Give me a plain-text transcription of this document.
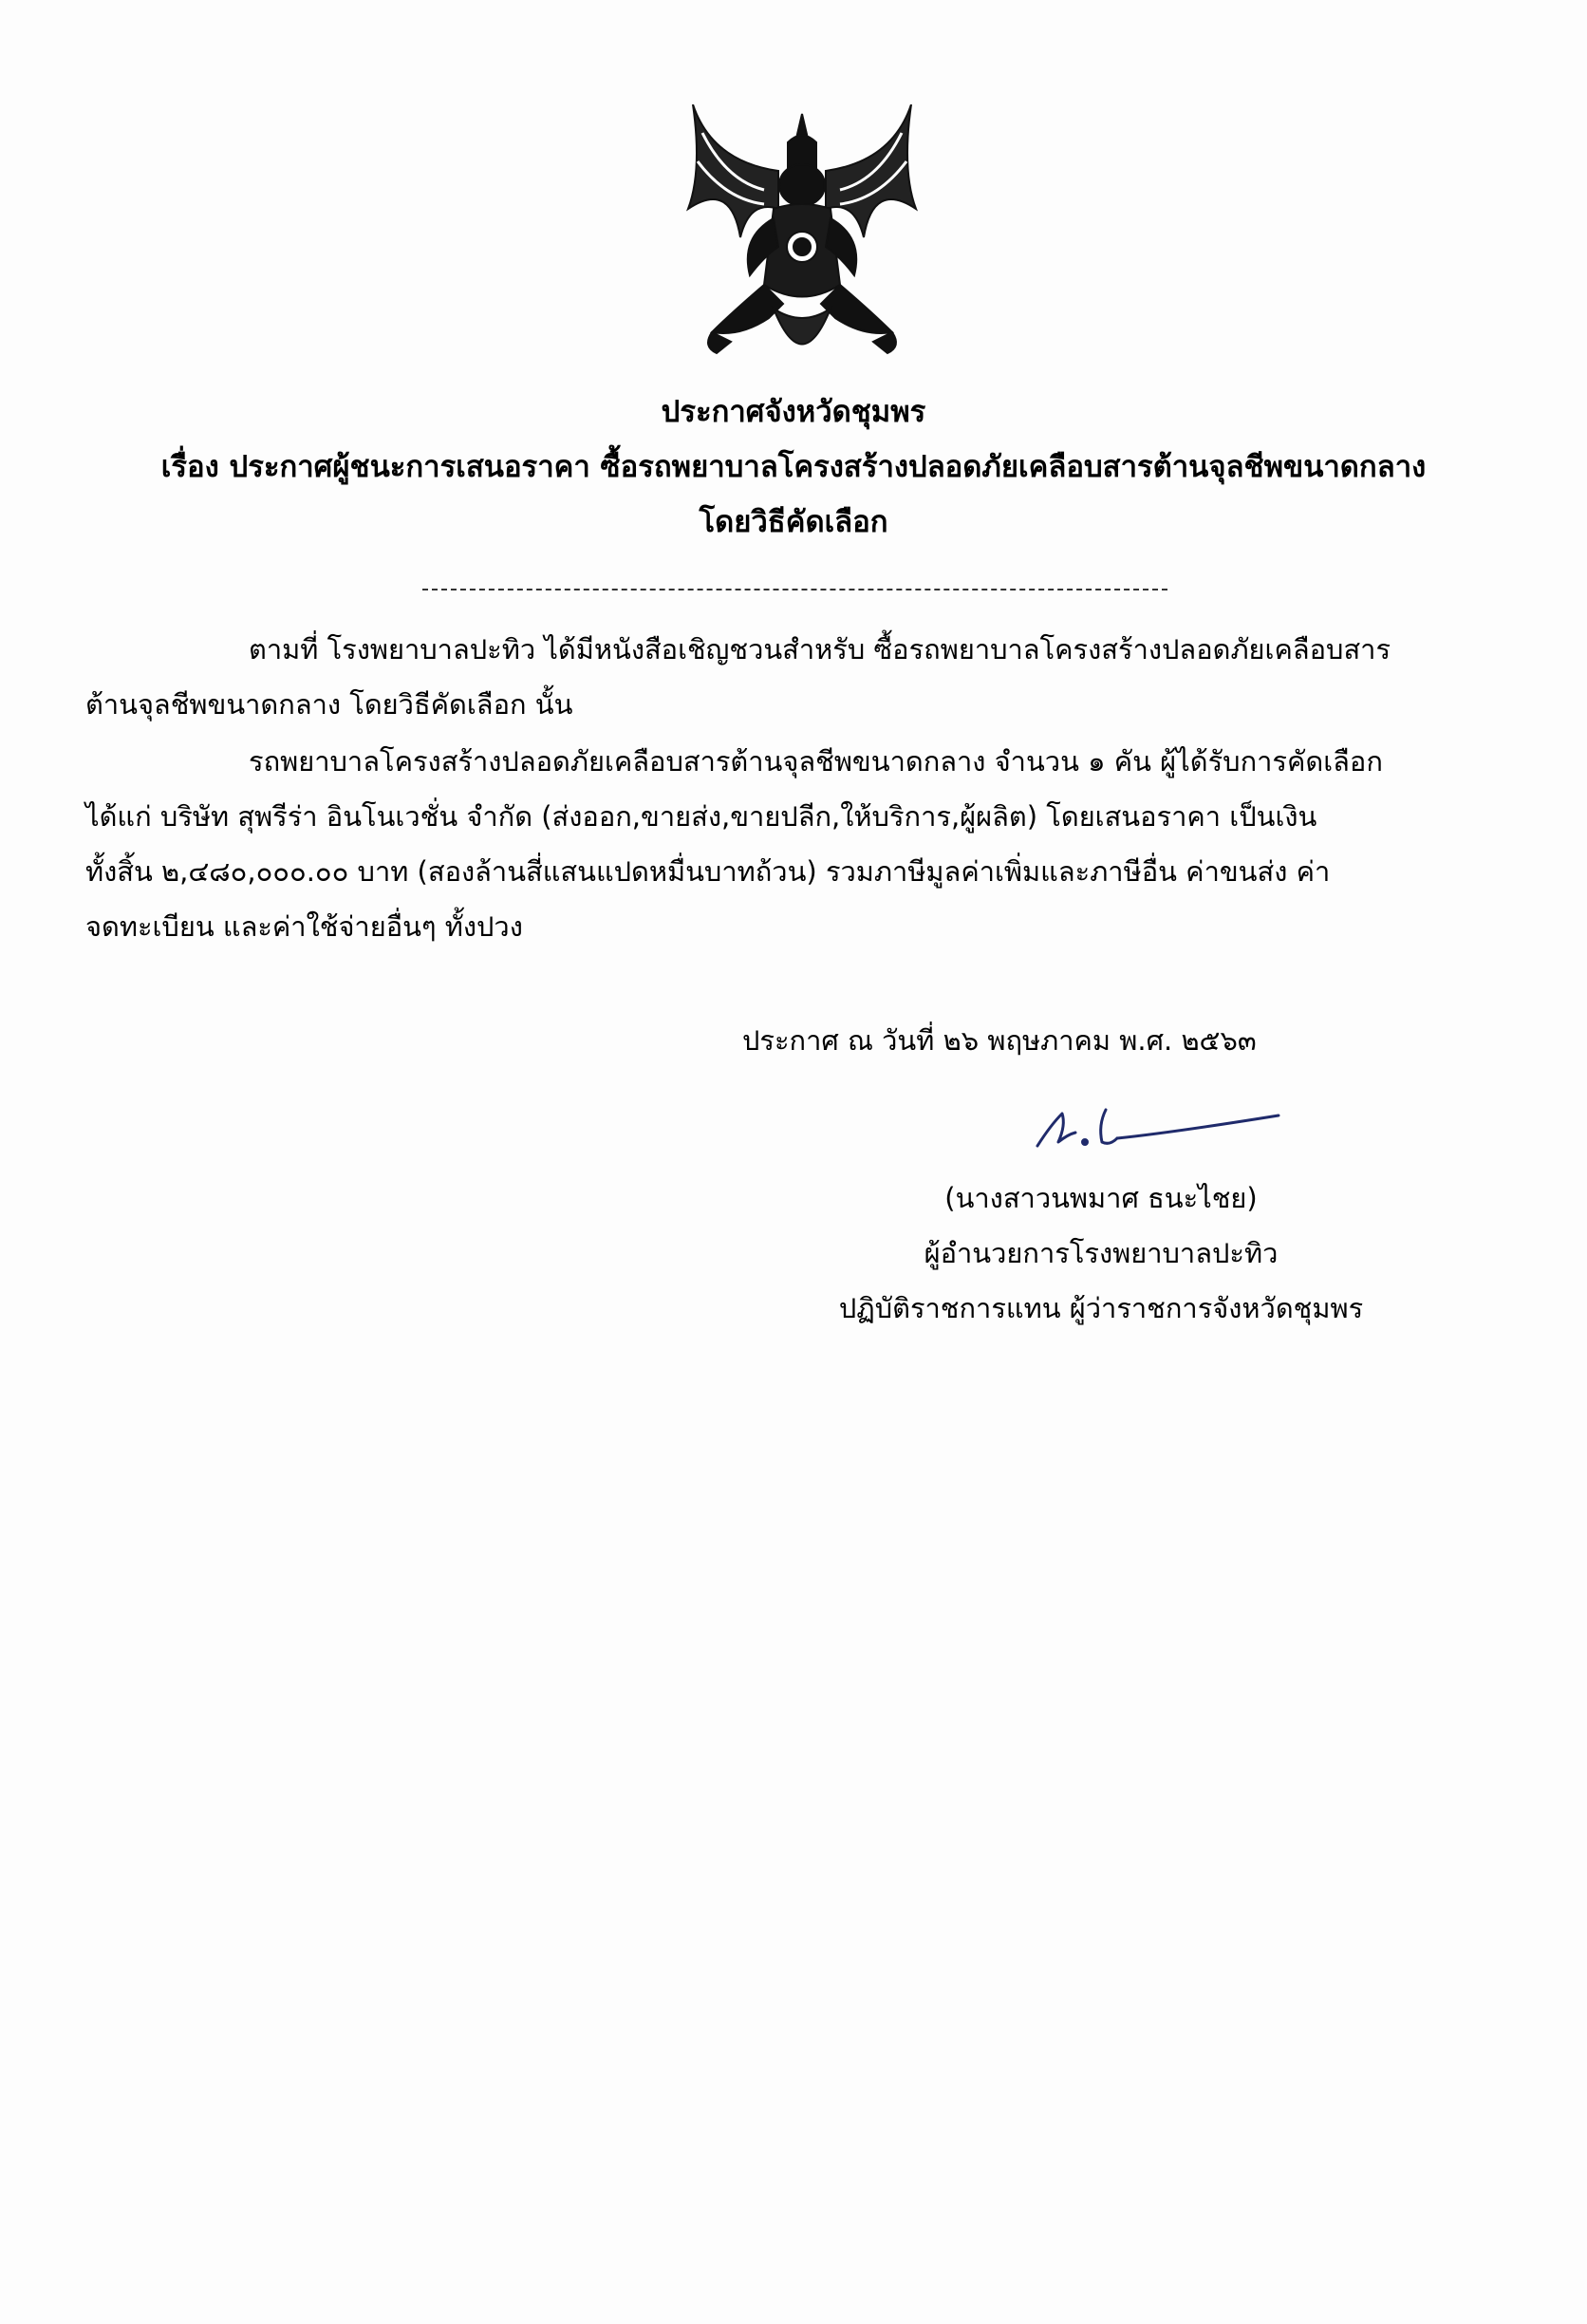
ประกาศจังหวัดชุมพร
เรื่อง ประกาศผู้ชนะการเสนอราคา ซื้อรถพยาบาลโครงสร้างปลอดภัยเคลือบสารต้านจุลชีพขนาดกลาง
โดยวิธีคัดเลือก
ตามที่ โรงพยาบาลปะทิว ได้มีหนังสือเชิญชวนสำหรับ ซื้อรถพยาบาลโครงสร้างปลอดภัยเคลือบสาร
ต้านจุลชีพขนาดกลาง โดยวิธีคัดเลือก นั้น
รถพยาบาลโครงสร้างปลอดภัยเคลือบสารต้านจุลชีพขนาดกลาง จำนวน ๑ คัน ผู้ได้รับการคัดเลือก
ได้แก่ บริษัท สุพรีร่า อินโนเวชั่น จำกัด (ส่งออก,ขายส่ง,ขายปลีก,ให้บริการ,ผู้ผลิต) โดยเสนอราคา เป็นเงิน
ทั้งสิ้น ๒,๔๘๐,๐๐๐.๐๐ บาท (สองล้านสี่แสนแปดหมื่นบาทถ้วน) รวมภาษีมูลค่าเพิ่มและภาษีอื่น ค่าขนส่ง ค่า
จดทะเบียน และค่าใช้จ่ายอื่นๆ ทั้งปวง
ประกาศ ณ วันที่ ๒๖ พฤษภาคม พ.ศ. ๒๕๖๓
(นางสาวนพมาศ ธนะไชย)
ผู้อำนวยการโรงพยาบาลปะทิว
ปฏิบัติราชการแทน ผู้ว่าราชการจังหวัดชุมพร
